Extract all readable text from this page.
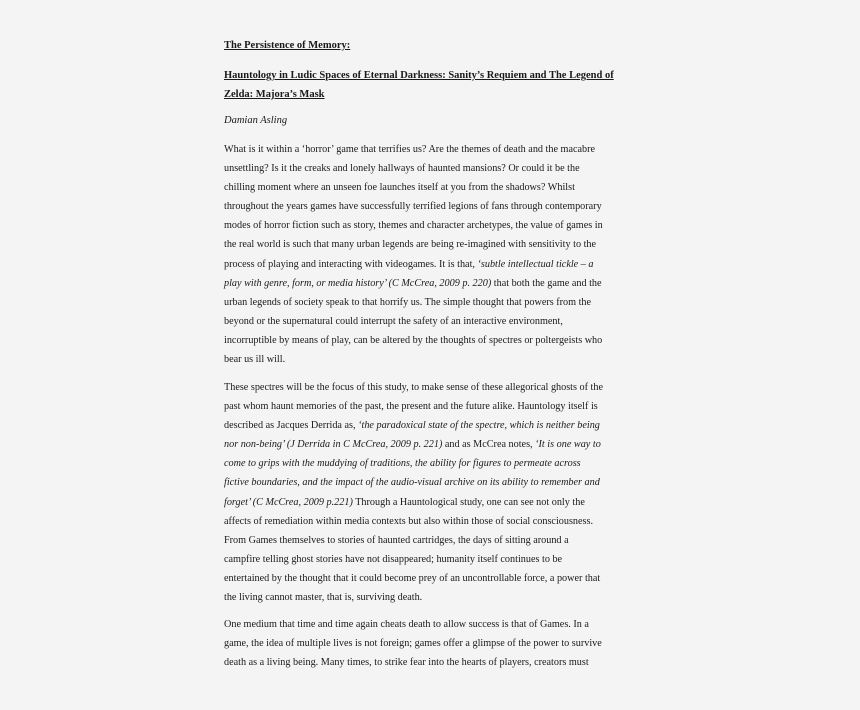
The Persistence of Memory:
Hauntology in Ludic Spaces of Eternal Darkness: Sanity’s Requiem and The Legend of
Zelda: Majora’s Mask
Damian Asling
What is it within a ‘horror’ game that terrifies us? Are the themes of death and the macabre
unsettling? Is it the creaks and lonely hallways of haunted mansions? Or could it be the
chilling moment where an unseen foe launches itself at you from the shadows? Whilst
throughout the years games have successfully terrified legions of fans through contemporary
modes of horror fiction such as story, themes and character archetypes, the value of games in
the real world is such that many urban legends are being re-imagined with sensitivity to the
process of playing and interacting with videogames. It is that, ‘subtle intellectual tickle – a
play with genre, form, or media history’ (C McCrea, 2009 p. 220) that both the game and the
urban legends of society speak to that horrify us. The simple thought that powers from the
beyond or the supernatural could interrupt the safety of an interactive environment,
incorruptible by means of play, can be altered by the thoughts of spectres or poltergeists who
bear us ill will.
These spectres will be the focus of this study, to make sense of these allegorical ghosts of the
past whom haunt memories of the past, the present and the future alike. Hauntology itself is
described as Jacques Derrida as, ‘the paradoxical state of the spectre, which is neither being
nor non-being’ (J Derrida in C McCrea, 2009 p. 221) and as McCrea notes, ‘It is one way to
come to grips with the muddying of traditions, the ability for figures to permeate across
fictive boundaries, and the impact of the audio-visual archive on its ability to remember and
forget’ (C McCrea, 2009 p.221) Through a Hauntological study, one can see not only the
affects of remediation within media contexts but also within those of social consciousness.
From Games themselves to stories of haunted cartridges, the days of sitting around a
campfire telling ghost stories have not disappeared; humanity itself continues to be
entertained by the thought that it could become prey of an uncontrollable force, a power that
the living cannot master, that is, surviving death.
One medium that time and time again cheats death to allow success is that of Games. In a
game, the idea of multiple lives is not foreign; games offer a glimpse of the power to survive
death as a living being. Many times, to strike fear into the hearts of players, creators must
